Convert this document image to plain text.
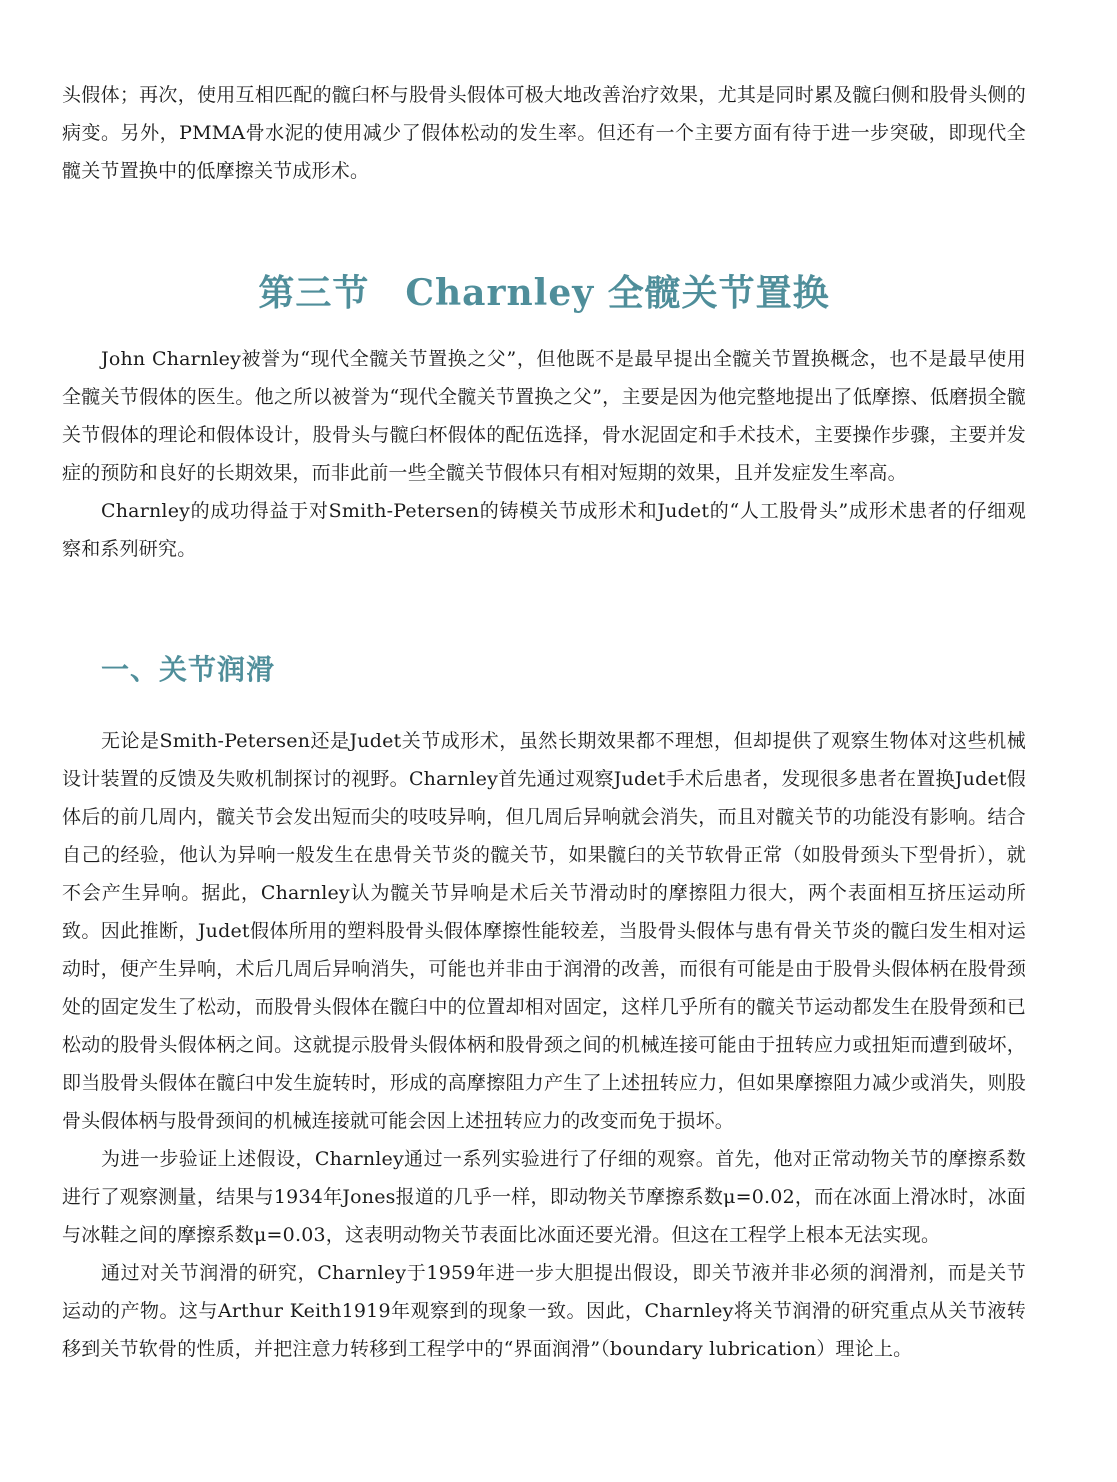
头假体；再次，使用互相匹配的髋臼杯与股骨头假体可极大地改善治疗效果，尤其是同时累及髋臼侧和股骨头侧的病变。另外，PMMA骨水泥的使用减少了假体松动的发生率。但还有一个主要方面有待于进一步突破，即现代全髋关节置换中的低摩擦关节成形术。

第三节 Charnley 全髋关节置换

John Charnley被誉为“现代全髋关节置换之父”，但他既不是最早提出全髋关节置换概念，也不是最早使用全髋关节假体的医生。他之所以被誉为“现代全髋关节置换之父”，主要是因为他完整地提出了低摩擦、低磨损全髋关节假体的理论和假体设计，股骨头与髋臼杯假体的配伍选择，骨水泥固定和手术技术，主要操作步骤，主要并发症的预防和良好的长期效果，而非此前一些全髋关节假体只有相对短期的效果，且并发症发生率高。

Charnley的成功得益于对Smith-Petersen的铸模关节成形术和Judet的“人工股骨头”成形术患者的仔细观察和系列研究。

一、关节润滑

无论是Smith-Petersen还是Judet关节成形术，虽然长期效果都不理想，但却提供了观察生物体对这些机械设计装置的反馈及失败机制探讨的视野。Charnley首先通过观察Judet手术后患者，发现很多患者在置换Judet假体后的前几周内，髋关节会发出短而尖的吱吱异响，但几周后异响就会消失，而且对髋关节的功能没有影响。结合自己的经验，他认为异响一般发生在患骨关节炎的髋关节，如果髋臼的关节软骨正常（如股骨颈头下型骨折），就不会产生异响。据此，Charnley认为髋关节异响是术后关节滑动时的摩擦阻力很大，两个表面相互挤压运动所致。因此推断，Judet假体所用的塑料股骨头假体摩擦性能较差，当股骨头假体与患有骨关节炎的髋臼发生相对运动时，便产生异响，术后几周后异响消失，可能也并非由于润滑的改善，而很有可能是由于股骨头假体柄在股骨颈处的固定发生了松动，而股骨头假体在髋臼中的位置却相对固定，这样几乎所有的髋关节运动都发生在股骨颈和已松动的股骨头假体柄之间。这就提示股骨头假体柄和股骨颈之间的机械连接可能由于扭转应力或扭矩而遭到破坏，即当股骨头假体在髋臼中发生旋转时，形成的高摩擦阻力产生了上述扭转应力，但如果摩擦阻力减少或消失，则股骨头假体柄与股骨颈间的机械连接就可能会因上述扭转应力的改变而免于损坏。

为进一步验证上述假设，Charnley通过一系列实验进行了仔细的观察。首先，他对正常动物关节的摩擦系数进行了观察测量，结果与1934年Jones报道的几乎一样，即动物关节摩擦系数μ=0.02，而在冰面上滑冰时，冰面与冰鞋之间的摩擦系数μ=0.03，这表明动物关节表面比冰面还要光滑。但这在工程学上根本无法实现。

通过对关节润滑的研究，Charnley于1959年进一步大胆提出假设，即关节液并非必须的润滑剂，而是关节运动的产物。这与Arthur Keith1919年观察到的现象一致。因此，Charnley将关节润滑的研究重点从关节液转移到关节软骨的性质，并把注意力转移到工程学中的“界面润滑”（boundary lubrication）理论上。
